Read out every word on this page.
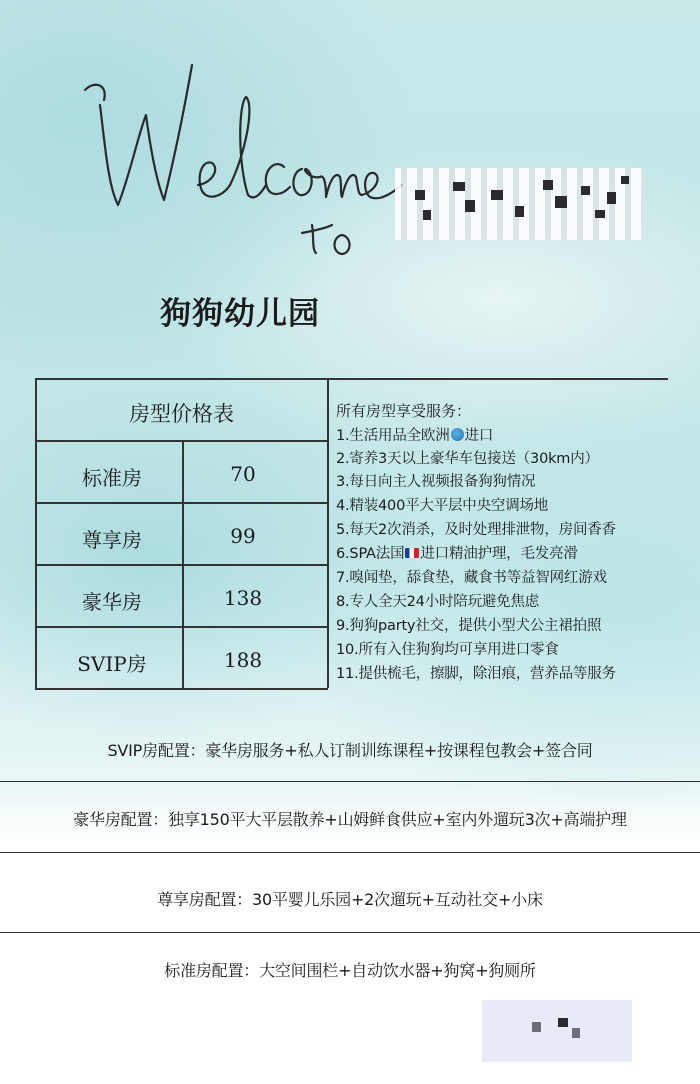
狗狗幼儿园
房型价格表
标准房	70
尊享房	99
豪华房	138
SVIP房	188
所有房型享受服务：
1.生活用品全欧洲 进口
2.寄养3天以上豪华车包接送（30km内）
3.每日向主人视频报备狗狗情况
4.精装400平大平层中央空调场地
5.每天2次消杀，及时处理排泄物，房间香香
6.SPA法国 进口精油护理，毛发亮滑
7.嗅闻垫，舔食垫，藏食书等益智网红游戏
8.专人全天24小时陪玩避免焦虑
9.狗狗party社交，提供小型犬公主裙拍照
10.所有入住狗狗均可享用进口零食
11.提供梳毛，擦脚，除泪痕，营养品等服务
SVIP房配置：豪华房服务+私人订制训练课程+按课程包教会+签合同
豪华房配置：独享150平大平层散养+山姆鲜食供应+室内外遛玩3次+高端护理
尊享房配置：30平婴儿乐园+2次遛玩+互动社交+小床
标准房配置：大空间围栏+自动饮水器+狗窝+狗厕所
